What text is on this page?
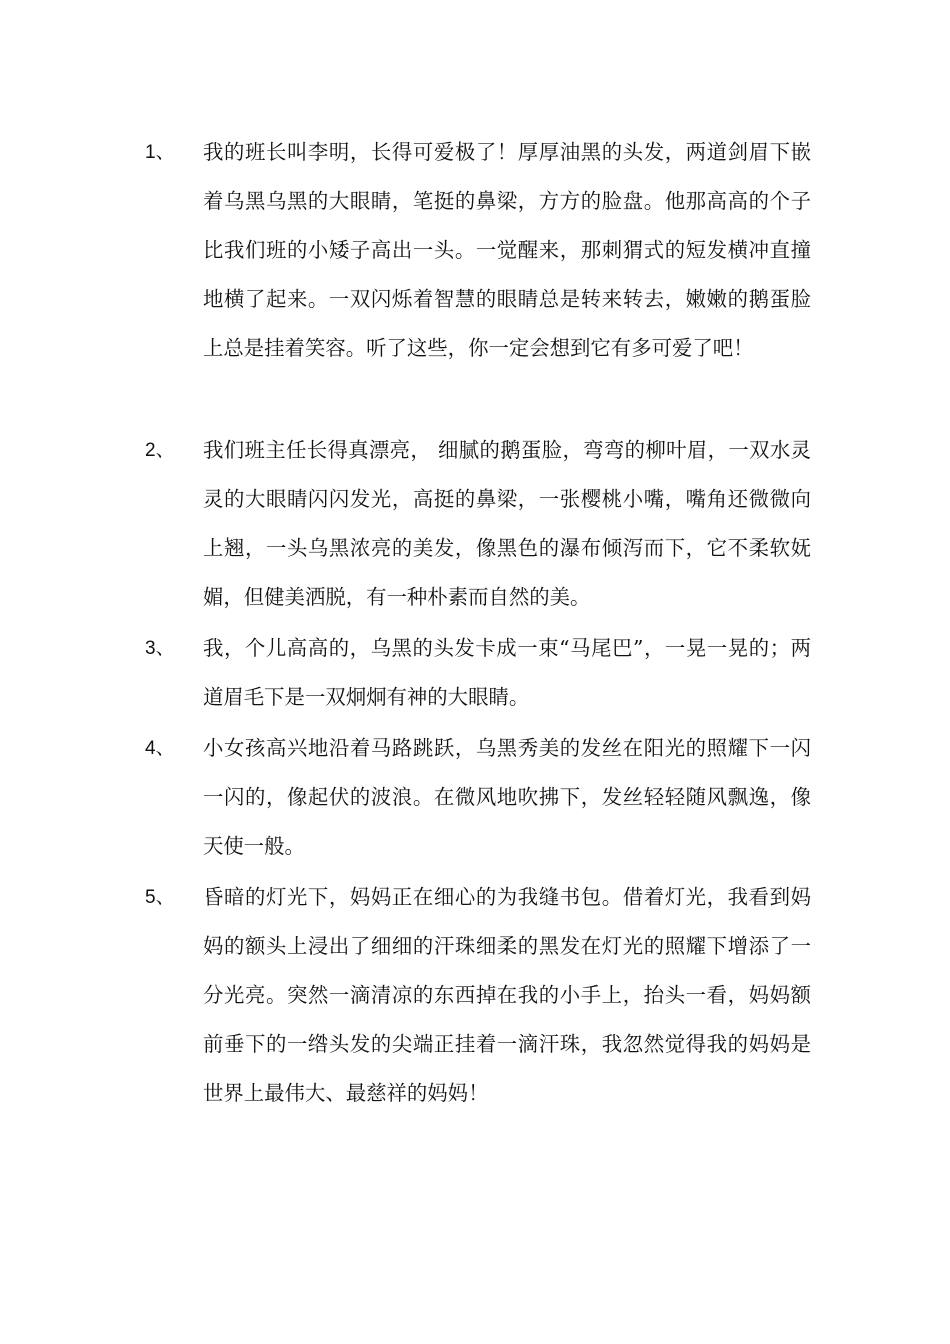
1、	我的班长叫李明，长得可爱极了！厚厚油黑的头发，两道剑眉下嵌着乌黑乌黑的大眼睛，笔挺的鼻梁，方方的脸盘。他那高高的个子比我们班的小矮子高出一头。一觉醒来，那刺猬式的短发横冲直撞地横了起来。一双闪烁着智慧的眼睛总是转来转去，嫩嫩的鹅蛋脸上总是挂着笑容。听了这些，你一定会想到它有多可爱了吧！
2、	我们班主任长得真漂亮， 细腻的鹅蛋脸，弯弯的柳叶眉，一双水灵灵的大眼睛闪闪发光，高挺的鼻梁，一张樱桃小嘴，嘴角还微微向上翘，一头乌黑浓亮的美发，像黑色的瀑布倾泻而下，它不柔软妩媚，但健美洒脱，有一种朴素而自然的美。
3、	我，个儿高高的，乌黑的头发卡成一束“马尾巴”，一晃一晃的；两道眉毛下是一双炯炯有神的大眼睛。
4、	小女孩高兴地沿着马路跳跃，乌黑秀美的发丝在阳光的照耀下一闪一闪的，像起伏的波浪。在微风地吹拂下，发丝轻轻随风飘逸，像天使一般。
5、	昏暗的灯光下，妈妈正在细心的为我缝书包。借着灯光，我看到妈妈的额头上浸出了细细的汗珠细柔的黑发在灯光的照耀下增添了一分光亮。突然一滴清凉的东西掉在我的小手上，抬头一看，妈妈额前垂下的一绺头发的尖端正挂着一滴汗珠，我忽然觉得我的妈妈是世界上最伟大、最慈祥的妈妈！
